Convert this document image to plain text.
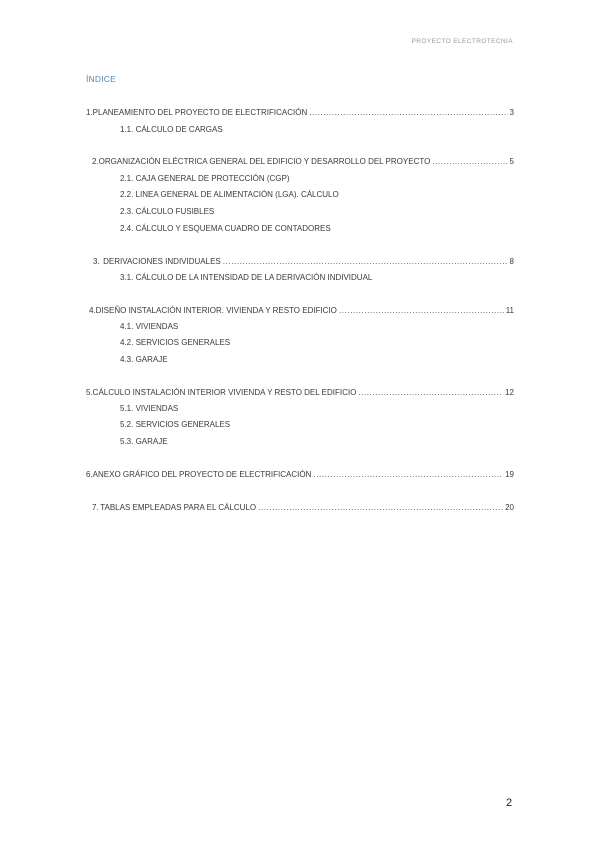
PROYECTO ELECTROTECNIA
ÍNDICE
1. PLANEAMIENTO DEL PROYECTO DE ELECTRIFICACIÓN .....	3
1.1. CÁLCULO DE CARGAS
2. ORGANIZACIÓN ELÉCTRICA GENERAL DEL EDIFICIO Y DESARROLLO DEL PROYECTO .....	5
2.1. CAJA GENERAL DE PROTECCIÓN (CGP)
2.2. LINEA GENERAL DE ALIMENTACIÓN (LGA). CÁLCULO
2.3. CÁLCULO FUSIBLES
2.4. CÁLCULO Y ESQUEMA CUADRO DE CONTADORES
3. DERIVACIONES INDIVIDUALES .....	8
3.1. CÁLCULO DE LA INTENSIDAD DE LA DERIVACIÓN INDIVIDUAL
4. DISEÑO INSTALACIÓN INTERIOR. VIVIENDA Y RESTO EDIFICIO .....	11
4.1. VIVIENDAS
4.2. SERVICIOS GENERALES
4.3. GARAJE
5. CÁLCULO INSTALACIÓN INTERIOR VIVIENDA Y RESTO DEL EDIFICIO .....	12
5.1. VIVIENDAS
5.2. SERVICIOS GENERALES
5.3. GARAJE
6. ANEXO GRÁFICO DEL PROYECTO DE ELECTRIFICACIÓN .....	19
7. TABLAS EMPLEADAS PARA EL CÁLCULO .....	20
2
